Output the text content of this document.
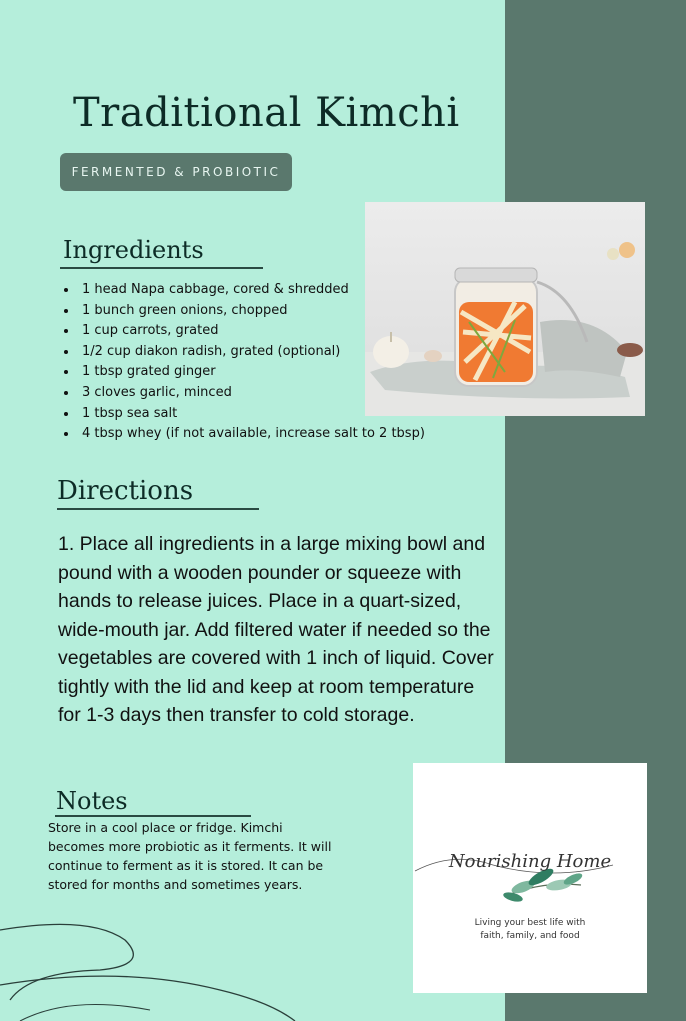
Traditional Kimchi
FERMENTED & PROBIOTIC
Ingredients
• 1 head Napa cabbage, cored & shredded
• 1 bunch green onions, chopped
• 1 cup carrots, grated
• 1/2 cup diakon radish, grated (optional)
• 1 tbsp grated ginger
• 3 cloves garlic, minced
• 1 tbsp sea salt
• 4 tbsp whey (if not available, increase salt to 2 tbsp)
Directions

1. Place all ingredients in a large mixing bowl and pound with a wooden pounder or squeeze with hands to release juices. Place in a quart-sized, wide-mouth jar. Add filtered water if needed so the vegetables are covered with 1 inch of liquid. Cover tightly with the lid and keep at room temperature for 1-3 days then transfer to cold storage.

Notes

Store in a cool place or fridge. Kimchi becomes more probiotic as it ferments. It will continue to ferment as it is stored. It can be stored for months and sometimes years.

Nourishing Home
Living your best life with
faith, family, and food
